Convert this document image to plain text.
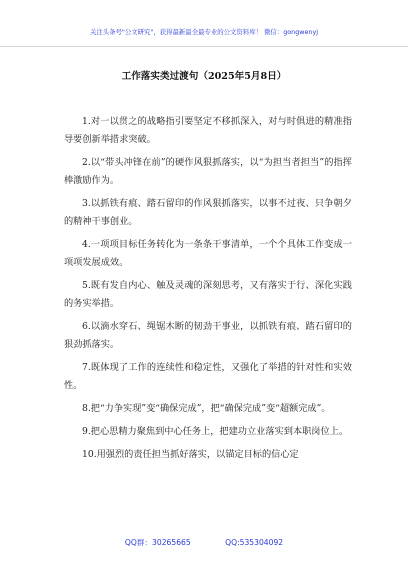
关注头条号"公文研究"，获得最新最全最专业的公文资料库！ 微信：gongwenyj
工作落实类过渡句（2025年5月8日）

1.对一以贯之的战略指引要坚定不移抓深入，对与时俱进的精准指导要创新举措求突破。

2.以“带头冲锋在前”的硬作风狠抓落实，以“为担当者担当”的指挥棒激励作为。

3.以抓铁有痕、踏石留印的作风狠抓落实，以事不过夜、只争朝夕的精神干事创业。

4.一项项目标任务转化为一条条干事清单，一个个具体工作变成一项项发展成效。

5.既有发自内心、触及灵魂的深刻思考，又有落实于行、深化实践的务实举措。

6.以滴水穿石、绳锯木断的韧劲干事业，以抓铁有痕、踏石留印的狠劲抓落实。

7.既体现了工作的连续性和稳定性，又强化了举措的针对性和实效性。

8.把“力争实现”变“确保完成”，把“确保完成”变“超额完成”。

9.把心思精力聚焦到中心任务上，把建功立业落实到本职岗位上。

10.用强烈的责任担当抓好落实，以锚定目标的信心定

QQ群：30265665	QQ:535304092
